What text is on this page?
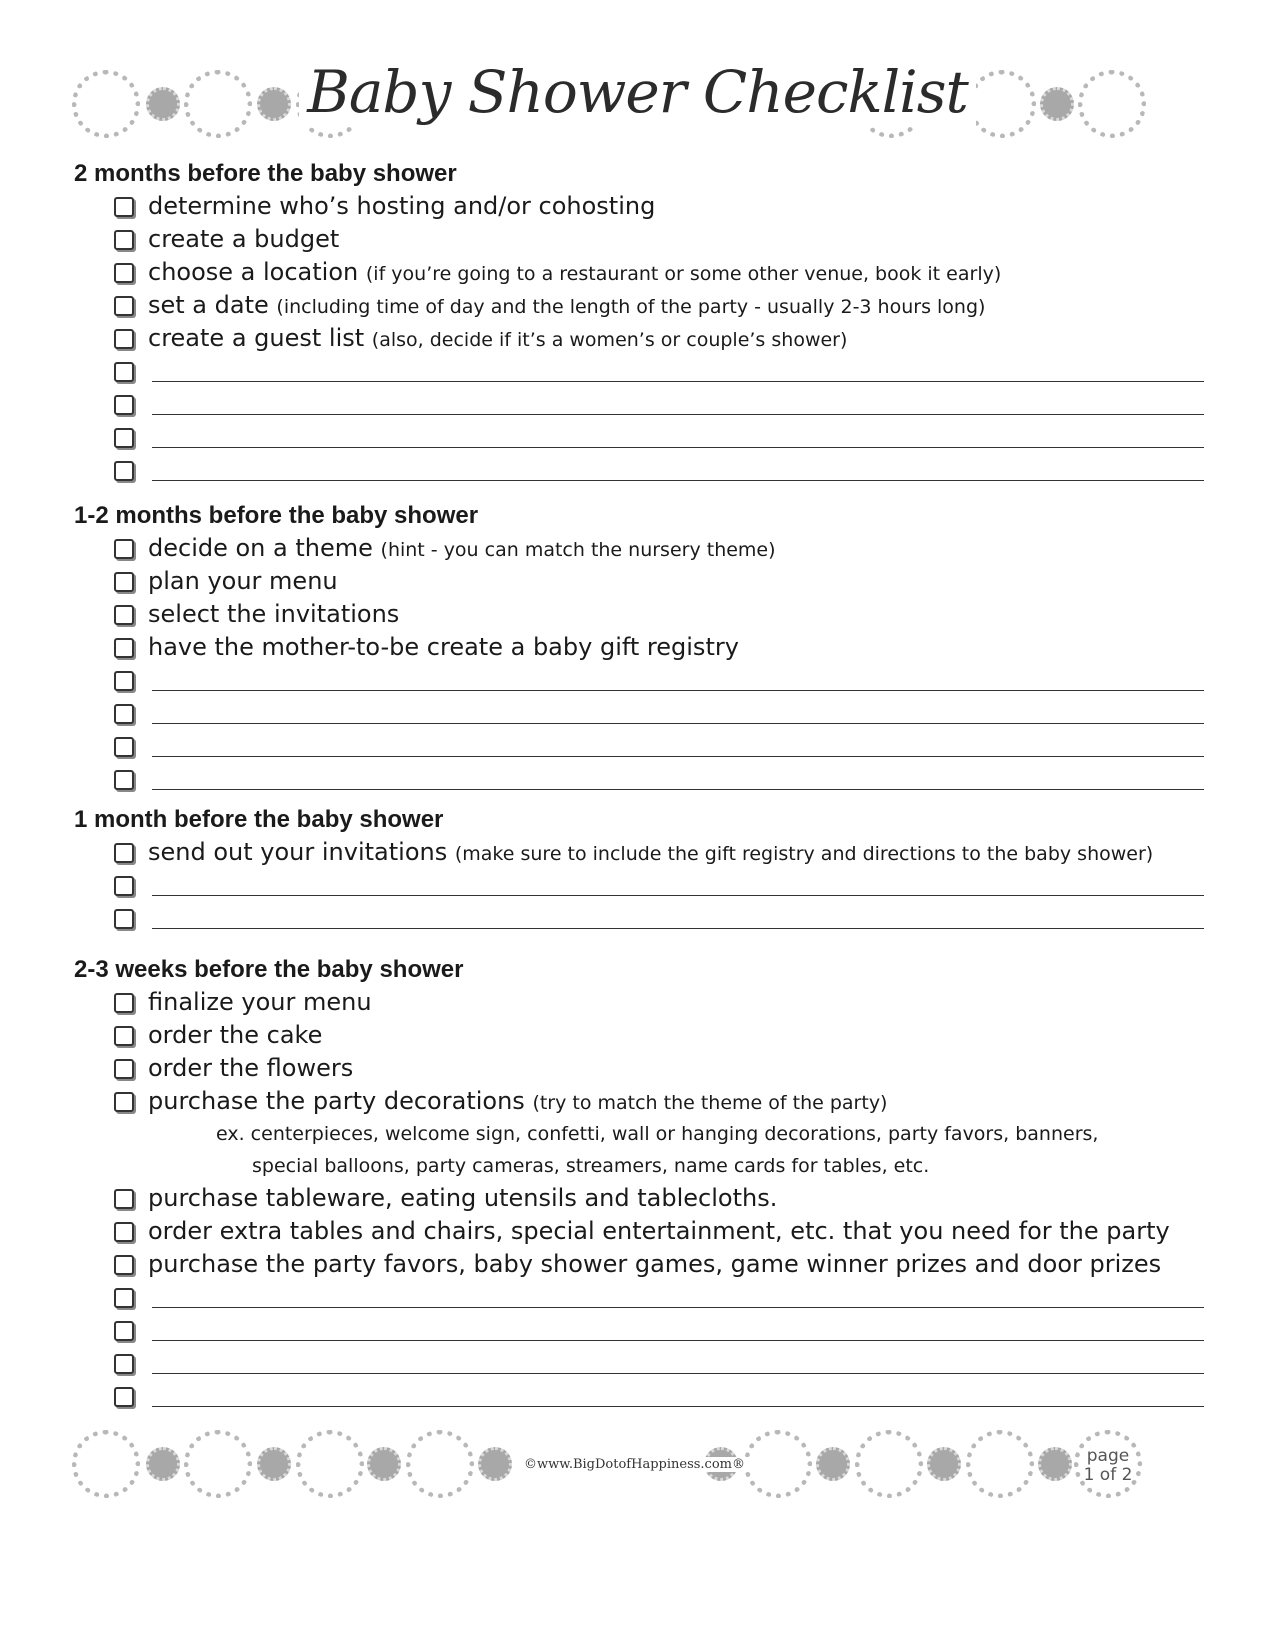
Baby Shower Checklist
2 months before the baby shower
determine who’s hosting and/or cohosting
create a budget
choose a location (if you’re going to a restaurant or some other venue, book it early)
set a date (including time of day and the length of the party - usually 2-3 hours long)
create a guest list (also, decide if it’s a women’s or couple’s shower)
1-2 months before the baby shower
decide on a theme (hint - you can match the nursery theme)
plan your menu
select the invitations
have the mother-to-be create a baby gift registry
1 month before the baby shower
send out your invitations (make sure to include the gift registry and directions to the baby shower)
2-3 weeks before the baby shower
finalize your menu
order the cake
order the flowers
purchase the party decorations (try to match the theme of the party)
ex. centerpieces, welcome sign, confetti, wall or hanging decorations, party favors, banners,
special balloons, party cameras, streamers, name cards for tables, etc.
purchase tableware, eating utensils and tablecloths.
order extra tables and chairs, special entertainment, etc. that you need for the party
purchase the party favors, baby shower games, game winner prizes and door prizes
©www.BigDotofHappiness.com®	page
1 of 2
